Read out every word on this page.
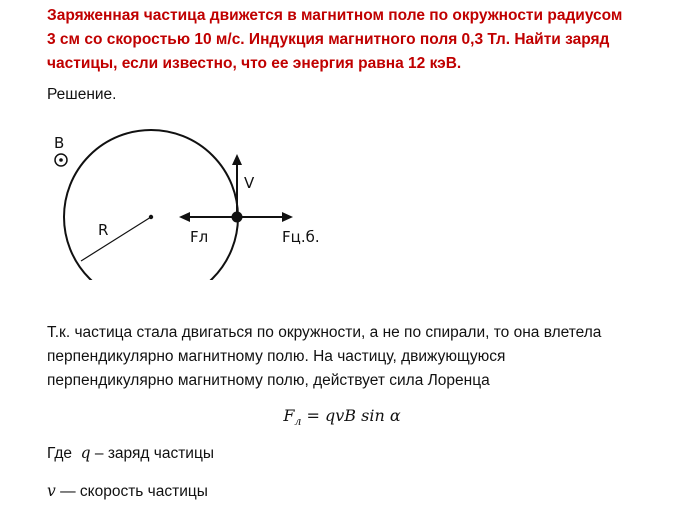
Заряженная частица движется в магнитном поле по окружности радиусом
3 см со скоростью 10 м/с. Индукция магнитного поля 0,3 Тл. Найти заряд
частицы, если известно, что ее энергия равна 12 кэВ.
Решение.
B
R
V
Fл	Fц.б.
Т.к. частица стала двигаться по окружности, а не по спирали, то она влетела
перпендикулярно магнитному полю. На частицу, движующуюся
перпендикулярно магнитному полю, действует сила Лоренца
$F_л$ = qvB sin α
Где q – заряд частицы
v — скорость частицы
